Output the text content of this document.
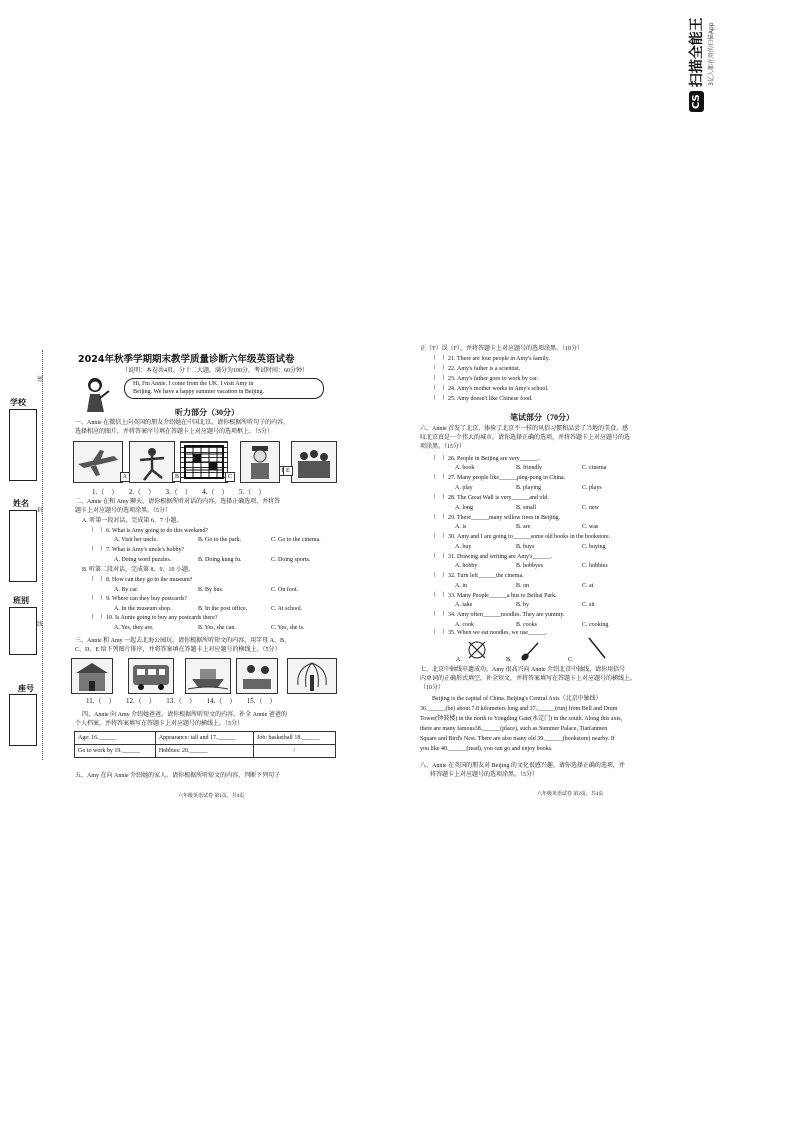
CS
扫描全能王 3亿人都在用的扫描App
密
封
线
学校
姓名
班别
座号
2024年秋季学期期末教学质量诊断六年级英语试卷
（说明：本卷共4页，分十二大题，满分为100分，考试时间：60分钟）
Hi, I'm Annie. I come from the UK. I visit Amy in
Beijing. We have a happy summer vacation in Beijing.
听力部分（30分）
一、Annie 在微信上向英国的朋友介绍她在中国北京。请你根据所听句子的内容，
选择相应的图片，并将答案序号填在答题卡上对应题号的选项框上。（5分）
A	B	C
E
1.（　）　　2.（　）　　3.（　）　　4.（　）　　5.（　）
二、Annie 在和 Amy 聊天，请你根据所听对话的内容，选择正确选项，并将答
题卡上对应题号的选项涂黑。（5分）
A. 听第一段对话，完成第 6、7 小题。
（　）6. What is Amy going to do this weekend?
A. Visit her uncle.	B. Go to the park.	C. Go to the cinema.
（　）7. What is Amy's uncle's hobby?
A. Doing word puzzles.	B. Doing kung fu.	C. Doing sports.
B. 听第二段对话，完成第 8、9、10 小题。
（　）8. How can they go to the museum?
A. By car.	B. By bus.	C. On foot.
（　）9. Where can they buy postcards?
A. In the museum shop.	B. In the post office.	C. At school.
（　）10. Is Annie going to buy any postcards there?
A. Yes, they are.	B. Yes, she can.	C. Yes, she is.
三、Annie 和 Amy 一起去北海公园玩。请你根据所听短文的内容，用字母 A、B、
C、D、E 给下列图片排序，并将答案填在答题卡上对应题号的横线上。（5分）
11.（　）　　12.（　）　　13.（　）　　14.（　）　　15.（　）
四、Annie 向 Amy 介绍她爸爸。请你根据所听短文的内容，补全 Annie 爸爸的
个人档案，并将答案填写在答题卡上对应题号的横线上。（5分）
Age: 16.______	Appearance: tall and 17.______	Job: basketball 18.______
Go to work by 19.______	Hobbies: 20.______	/
五、Amy 在向 Annie 介绍她的家人。请你根据所听短文的内容，判断下列句子
六年级英语试卷 第1页，共4页
正（T）误（F），并将答题卡上对应题号的选项涂黑。（10分）
（　）21. There are four people in Amy's family.
（　）22. Amy's father is a scientist.
（　）23. Amy's father goes to work by car.
（　）24. Amy's mother works in Amy's school.
（　）25. Amy doesn't like Chinese food.
笔试部分（70分）
六、Annie 首发了北京，体验了北京不一样的风俗习惯和品尝了当地的美食。感
叹北京真是一个伟大的城市。请你选择正确的选项，并将答题卡上对应题号的选
项涂黑。（15分）
（　）26. People in Beijing are very______.
A. book	B. friendly	C. cinema
（　）27. Many people like______ping-pong in China.
A. play	B. playing	C. plays
（　）28. The Great Wall is very______and old.
A. long	B. small	C. new
（　）29. There______many willow trees in Beijing.
A. is	B. are	C. was
（　）30. Amy and I are going to______some old books in the bookstore.
A. buy	B. buys	C. buying
（　）31. Drawing and writing are Amy's______.
A. hobby	B. hobbyes	C. hobbies
（　）32. Turn left______the cinema.
A. in	B. on	C. at
（　）33. Many People______a bus to Beihai Park.
A. take	B. by	C. sit
（　）34. Amy often______noodles. They are yummy.
A. cook	B. cooks	C. cooking
（　）35. When we eat noodles, we use______.
A.	B.	C.
七、北京中轴线申遗成功，Amy 很高兴向 Annie 介绍北京中轴线，请你用括号
内单词的正确形式填空，补全短文，并将答案填写在答题卡上对应题号的横线上。
（10分）
　　Beijing is the capital of China. Beijing's Central Axis（北京中轴线）
36.______(be) about 7.8 kilometers long and 37.______(run) from Bell and Drum
Tower(钟鼓楼) in the north to Yongding Gate(永定门) in the south. Along this axis,
there are many famous38.______(place), such as Summer Palace, Tian'anmen
Square and Bird's Nest. There are also many old 39.______(bookstore) nearby. If
you like 40.______(read), you can go and enjoy books.
八、Annie 在英国的朋友对 Beijing 的文化很感兴趣。请你选择正确的选项，并
将答题卡上对应题号的选项涂黑。（5分）
六年级英语试卷 第2页，共4页
